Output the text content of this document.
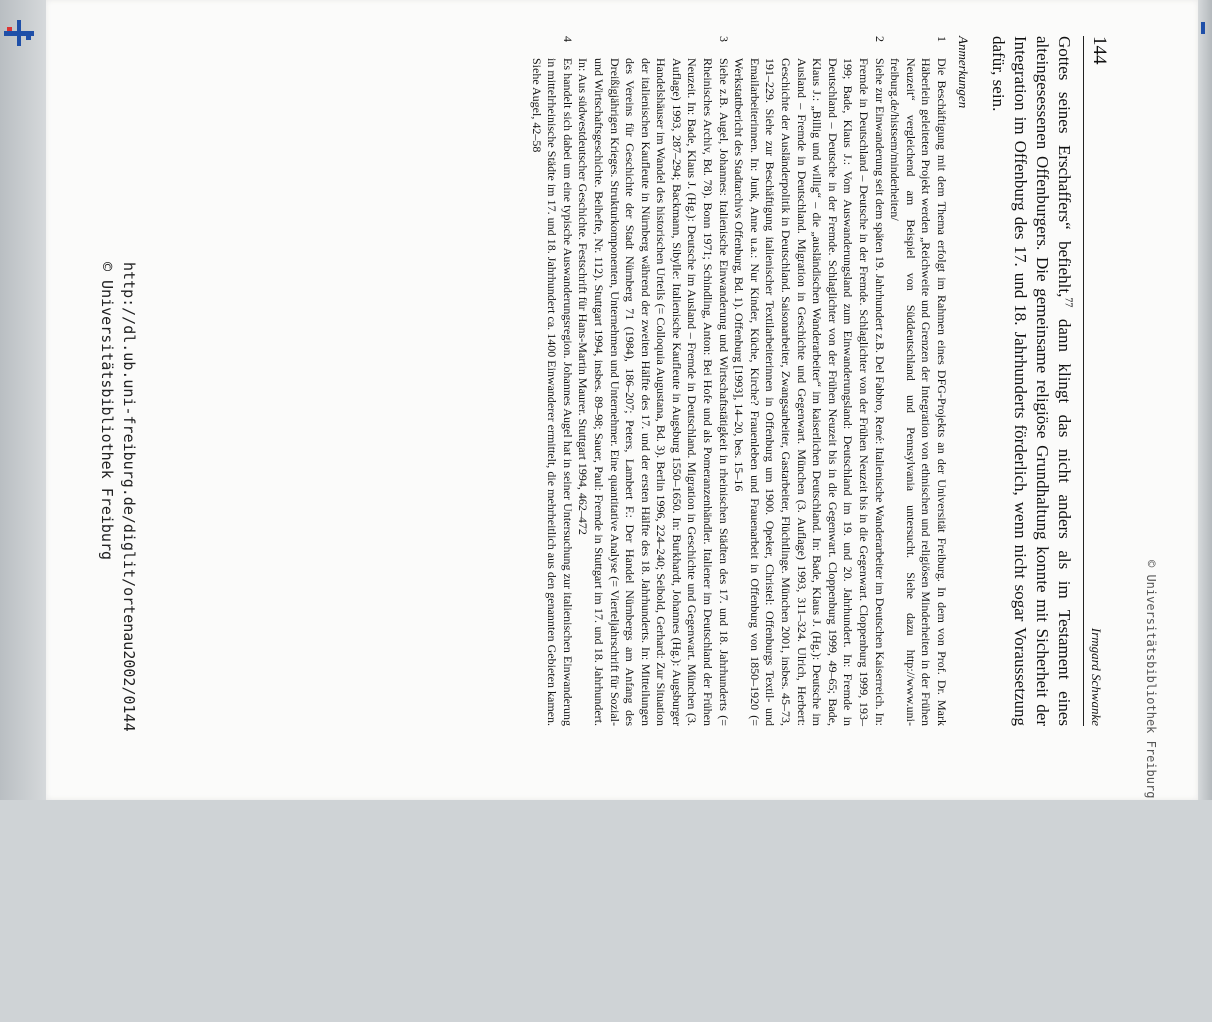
http://dl.ub.uni-freiburg.de/diglit/ortenau2002/0144
© Universitätsbibliothek Freiburg
© Universitätsbibliothek Freiburg
144
Irmgard Schwanke
Gottes seines Erschaffers“ befiehlt,$^{77}$ dann klingt das nicht anders als im Testament eines alteingesessenen Offenburgers. Die gemeinsame religiöse Grundhaltung konnte mit Sicherheit der Integration im Offenburg des 17. und 18. Jahrhunderts förderlich, wenn nicht sogar Voraussetzung dafür, sein.
Anmerkungen
1
Die Beschäftigung mit dem Thema erfolgt im Rahmen eines DFG-Projekts an der Universität Freiburg. In dem von Prof. Dr. Mark Häberlein geleiteten Projekt werden „Reichweite und Grenzen der Integration von ethnischen und religiösen Minderheiten in der Frühen Neuzeit“ vergleichend am Beispiel von Süddeutschland und Pennsylvania untersucht. Siehe dazu http://www.uni-freiburg.de/histsem/minderheiten/
2
Siehe zur Einwanderung seit dem späten 19. Jahrhundert z.B. Del Fabbro, René: Italienische Wanderarbeiter im Deutschen Kaiserreich. In: Fremde in Deutschland – Deutsche in der Fremde. Schlaglichter von der Frühen Neuzeit bis in die Gegenwart. Cloppenburg 1999, 193–199; Bade, Klaus J.: Vom Auswanderungsland zum Einwanderungsland: Deutschland im 19. und 20. Jahrhundert. In: Fremde in Deutschland – Deutsche in der Fremde. Schlaglichter von der Frühen Neuzeit bis in die Gegenwart. Cloppenburg 1999, 49–65; Bade, Klaus J.: „Billig und willig“ – die „ausländischen Wanderarbeiter“ im kaiserlichen Deutschland. In: Bade, Klaus J. (Hg.): Deutsche im Ausland – Fremde in Deutschland. Migration in Geschichte und Gegenwart. München (3. Auflage) 1993, 311–324. Ulrich, Herbert: Geschichte der Ausländerpolitik in Deutschland. Saisonarbeiter, Zwangsarbeiter, Gastarbeiter, Flüchtlinge. München 2001, insbes. 45–73, 191–229. Siehe zur Beschäftigung italienischer Textilarbeiterinnen in Offenburg um 1900. Opeker, Christel: Offenburgs Textil- und Emailarbeiterinnen. In: Junk, Anne u.a.: Nur Kinder, Küche, Kirche? Frauenleben und Frauenarbeit in Offenburg von 1850–1920 (= Werkstattbericht des Stadtarchivs Offenburg, Bd. 1). Offenburg [1993], 14–20, bes. 15–16
3
Siehe z.B. Augel, Johannes: Italienische Einwanderung und Wirtschaftstätigkeit in rheinischen Städten des 17. und 18. Jahrhunderts (= Rheinisches Archiv, Bd. 78). Bonn 1971; Schindling, Anton: Bei Hofe und als Pomeranzenhändler. Italiener im Deutschland der Frühen Neuzeit. In: Bade, Klaus J. (Hg.): Deutsche im Ausland – Fremde in Deutschland. Migration in Geschichte und Gegenwart. München (3. Auflage) 1993, 287–294; Backmann, Sibylle: Italienische Kaufleute in Augsburg 1550–1650. In: Burkhardt, Johannes (Hg.): Augsburger Handelshäuser im Wandel des historischen Urteils (= Colloquia Augustana, Bd. 3). Berlin 1996, 224–240; Seibold, Gerhard: Zur Situation der italienischen Kaufleute in Nürnberg während der zweiten Hälfte des 17. und der ersten Hälfte des 18. Jahrhunderts. In: Mitteilungen des Vereins für Geschichte der Stadt Nürnberg 71 (1984), 186–207; Peters, Lambert F.: Der Handel Nürnbergs am Anfang des Dreißigjährigen Krieges. Strukturkomponenten, Unternehmen und Unternehmer. Eine quantitative Analyse (= Vierteljahrschrift für Sozial- und Wirtschaftsgeschichte. Beihefte, Nr. 112). Stuttgart 1994, insbes. 89–98; Sauer, Paul: Fremde in Stuttgart im 17. und 18. Jahrhundert. In: Aus südwestdeutscher Geschichte. Festschrift für Hans-Martin Maurer. Stuttgart 1994, 462–472
4
Es handelt sich dabei um eine typische Auswanderungsregion. Johannes Augel hat in seiner Untersuchung zur italienischen Einwanderung in mittelrheinische Städte im 17. und 18. Jahrhundert ca. 1400 Einwanderer ermittelt, die mehrheitlich aus den genannten Gebieten kamen. Siehe Augel, 42–58
